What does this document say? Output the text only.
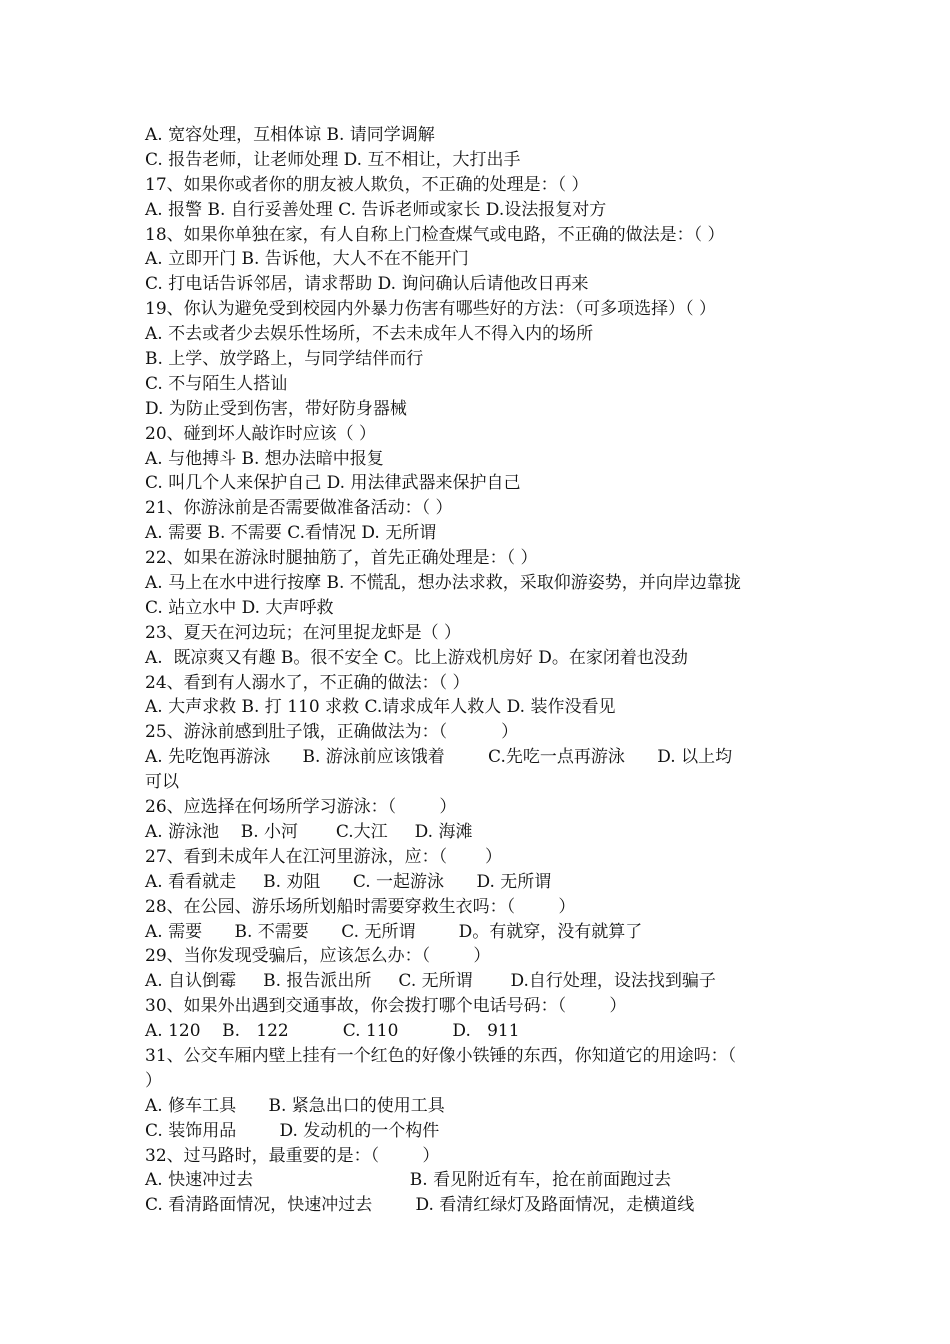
A. 宽容处理，互相体谅 B. 请同学调解
C. 报告老师，让老师处理 D. 互不相让，大打出手
17、如果你或者你的朋友被人欺负，不正确的处理是：（ ）
A. 报警 B. 自行妥善处理 C. 告诉老师或家长 D.设法报复对方
18、如果你单独在家，有人自称上门检查煤气或电路，不正确的做法是：（ ）
A. 立即开门 B. 告诉他，大人不在不能开门
C. 打电话告诉邻居，请求帮助 D. 询问确认后请他改日再来
19、你认为避免受到校园内外暴力伤害有哪些好的方法：（可多项选择）（ ）
A. 不去或者少去娱乐性场所，不去未成年人不得入内的场所
B. 上学、放学路上，与同学结伴而行
C. 不与陌生人搭讪
D. 为防止受到伤害，带好防身器械
20、碰到坏人敲诈时应该（ ）
A. 与他搏斗 B. 想办法暗中报复
C. 叫几个人来保护自己 D. 用法律武器来保护自己
21、你游泳前是否需要做准备活动：（ ）
A. 需要 B. 不需要 C.看情况 D. 无所谓
22、如果在游泳时腿抽筋了，首先正确处理是：（ ）
A. 马上在水中进行按摩 B. 不慌乱，想办法求救，采取仰游姿势，并向岸边靠拢
C. 站立水中 D. 大声呼救
23、夏天在河边玩；在河里捉龙虾是（ ）
A.  既凉爽又有趣 B。很不安全 C。比上游戏机房好 D。在家闭着也没劲
24、看到有人溺水了，不正确的做法：（ ）
A. 大声求救 B. 打 110 求救 C.请求成年人救人 D. 装作没看见
25、游泳前感到肚子饿，正确做法为：（          ）
A. 先吃饱再游泳      B. 游泳前应该饿着        C.先吃一点再游泳      D. 以上均
可以
26、应选择在何场所学习游泳：（        ）
A. 游泳池    B. 小河       C.大江     D. 海滩
27、看到未成年人在江河里游泳，应：（       ）
A. 看看就走     B. 劝阻      C. 一起游泳      D. 无所谓
28、在公园、游乐场所划船时需要穿救生衣吗：（        ）
A. 需要      B. 不需要      C. 无所谓        D。有就穿，没有就算了
29、当你发现受骗后，应该怎么办：（        ）
A. 自认倒霉     B. 报告派出所     C. 无所谓       D.自行处理，设法找到骗子
30、如果外出遇到交通事故，你会拨打哪个电话号码：（        ）
A. 120    B.   122          C. 110          D.   911
31、公交车厢内壁上挂有一个红色的好像小铁锤的东西，你知道它的用途吗：（
）
A. 修车工具      B. 紧急出口的使用工具
C. 装饰用品        D. 发动机的一个构件
32、过马路时，最重要的是：（        ）
A. 快速冲过去                             B. 看见附近有车，抢在前面跑过去
C. 看清路面情况，快速冲过去        D. 看清红绿灯及路面情况，走横道线
